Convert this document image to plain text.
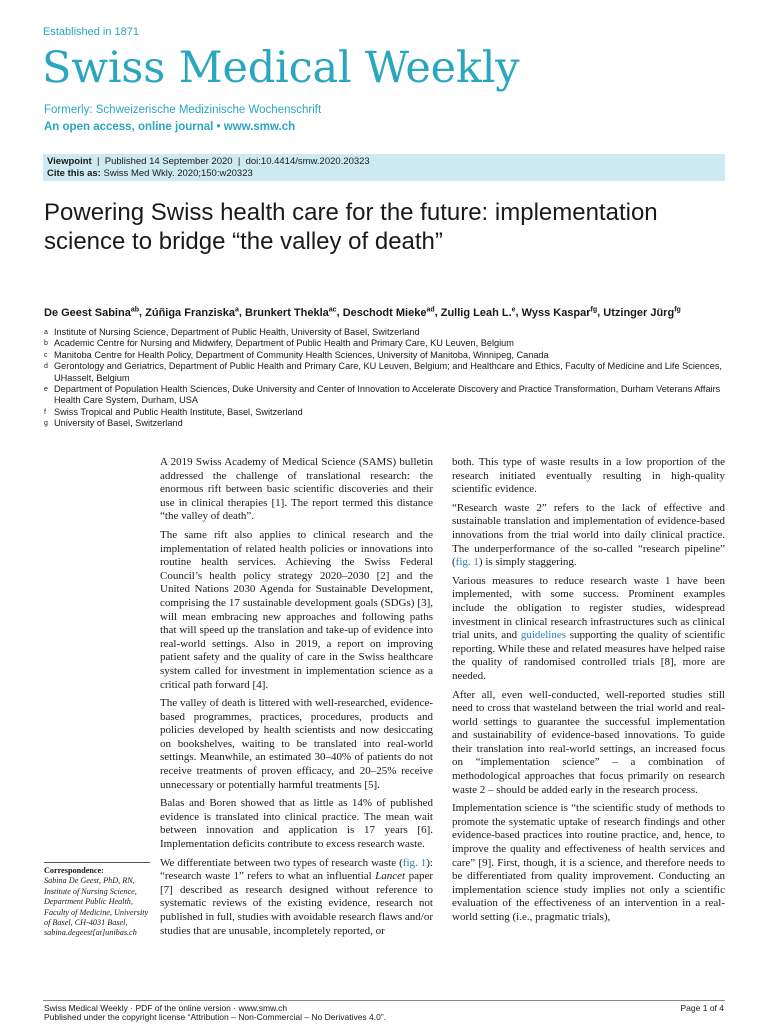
Established in 1871
Swiss Medical Weekly
Formerly: Schweizerische Medizinische Wochenschrift
An open access, online journal • www.smw.ch
Viewpoint  |  Published 14 September 2020  |  doi:10.4414/smw.2020.20323
Cite this as: Swiss Med Wkly. 2020;150:w20323
Powering Swiss health care for the future: implementation science to bridge “the valley of death”
De Geest Sabina$^{ab}$, Zúñiga Franziska$^a$, Brunkert Thekla$^{ac}$, Deschodt Mieke$^{ad}$, Zullig Leah L.$^e$, Wyss Kaspar$^{fg}$, Utzinger Jürg$^{fg}$
a Institute of Nursing Science, Department of Public Health, University of Basel, Switzerland
b Academic Centre for Nursing and Midwifery, Department of Public Health and Primary Care, KU Leuven, Belgium
c Manitoba Centre for Health Policy, Department of Community Health Sciences, University of Manitoba, Winnipeg, Canada
d Gerontology and Geriatrics, Department of Public Health and Primary Care, KU Leuven, Belgium; and Healthcare and Ethics, Faculty of Medicine and Life Sciences, UHasselt, Belgium
e Department of Population Health Sciences, Duke University and Center of Innovation to Accelerate Discovery and Practice Transformation, Durham Veterans Affairs Health Care System, Durham, USA
f Swiss Tropical and Public Health Institute, Basel, Switzerland
g University of Basel, Switzerland

A 2019 Swiss Academy of Medical Science (SAMS) bulletin addressed the challenge of translational research: the enormous rift between basic scientific discoveries and their use in clinical therapies [1]. The report termed this distance “the valley of death”.

The same rift also applies to clinical research and the implementation of related health policies or innovations into routine health services. Achieving the Swiss Federal Council’s health policy strategy 2020–2030 [2] and the United Nations 2030 Agenda for Sustainable Development, comprising the 17 sustainable development goals (SDGs) [3], will mean embracing new approaches and following paths that will speed up the translation and take-up of evidence into real-world settings. Also in 2019, a report on improving patient safety and the quality of care in the Swiss healthcare system called for investment in implementation science as a critical path forward [4].

The valley of death is littered with well-researched, evidence-based programmes, practices, procedures, products and policies developed by health scientists and now desiccating on bookshelves, waiting to be translated into real-world settings. Meanwhile, an estimated 30–40% of patients do not receive treatments of proven efficacy, and 20–25% receive unnecessary or potentially harmful treatments [5].

Balas and Boren showed that as little as 14% of published evidence is translated into clinical practice. The mean wait between innovation and application is 17 years [6]. Implementation deficits contribute to excess research waste.

We differentiate between two types of research waste (fig. 1): “research waste 1” refers to what an influential Lancet paper [7] described as research designed without reference to systematic reviews of the existing evidence, research not published in full, studies with avoidable research flaws and/or studies that are unusable, incompletely reported, or

both. This type of waste results in a low proportion of the research initiated eventually resulting in high-quality scientific evidence.

“Research waste 2” refers to the lack of effective and sustainable translation and implementation of evidence-based innovations from the trial world into daily clinical practice. The underperformance of the so-called “research pipeline” (fig. 1) is simply staggering.

Various measures to reduce research waste 1 have been implemented, with some success. Prominent examples include the obligation to register studies, widespread investment in clinical research infrastructures such as clinical trial units, and guidelines supporting the quality of scientific reporting. While these and related measures have helped raise the quality of randomised controlled trials [8], more are needed.

After all, even well-conducted, well-reported studies still need to cross that wasteland between the trial world and real-world settings to guarantee the successful implementation and sustainability of evidence-based innovations. To guide their translation into real-world settings, an increased focus on “implementation science” – a combination of methodological approaches that focus primarily on research waste 2 – should be added early in the research process.

Implementation science is “the scientific study of methods to promote the systematic uptake of research findings and other evidence-based practices into routine practice, and, hence, to improve the quality and effectiveness of health services and care” [9]. First, though, it is a science, and therefore needs to be differentiated from quality improvement. Conducting an implementation science study implies not only a scientific evaluation of the effectiveness of an intervention in a real-world setting (i.e., pragmatic trials),

Correspondence:
Sabina De Geest, PhD, RN, Institute of Nursing Science, Department Public Health, Faculty of Medicine, University of Basel, CH-4031 Basel, sabina.degeest[at]unibas.ch
Swiss Medical Weekly · PDF of the online version · www.smw.ch	Page 1 of 4
Published under the copyright license “Attribution – Non-Commercial – No Derivatives 4.0”.
